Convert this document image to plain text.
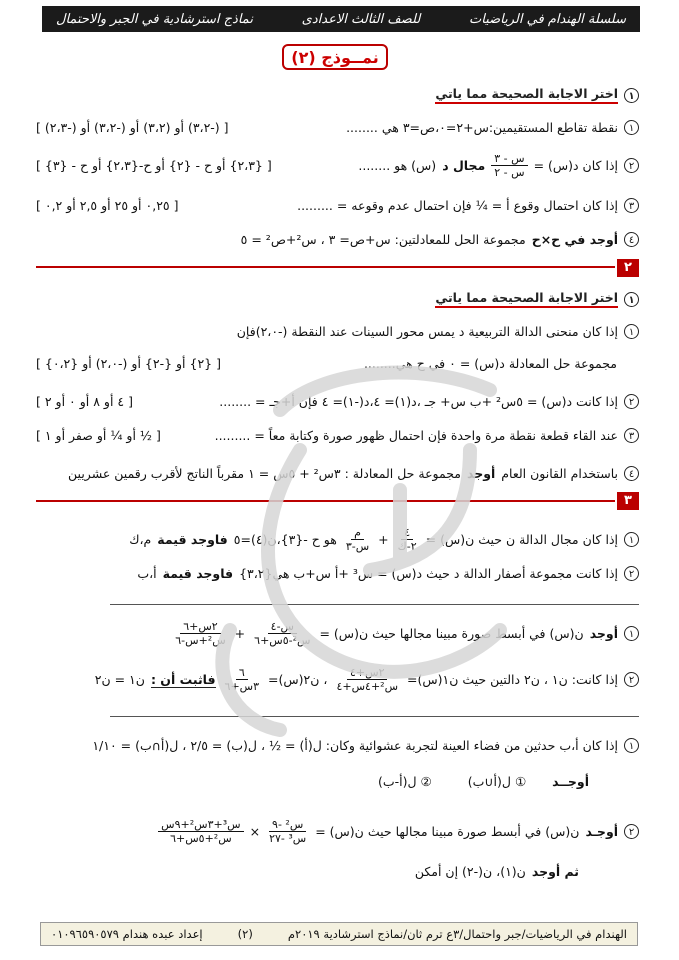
سلسلة الهندام في الرياضيات
للصف الثالث الاعدادى
نماذج استرشادية في الجبر والاحتمال
نمــوذج (٢)
١
اختر الاجابة الصحيحة مما ياتي
١
نقطة تقاطع المستقيمين:س+٢=٠،ص=٣ هي ........
[ (-٣،٢) أو (٣،٢) أو (-٣،٢) أو (-٢،٣) ]
٢
إذا كان د(س) =
$\frac{\text{س - ٣}}{\text{س - ٢}}$
مجال د
(س) هو ........
[ {٢،٣} أو ح - {٢} أو ح-{٢،٣} أو ح - {٣} ]
٣
إذا كان احتمال وقوع أ = ¼ فإن احتمال عدم وقوعه = .........
[ ٠,٢٥ أو ٢٥ أو ٢,٥ أو ٠,٢ ]
٤
أوجد في ح×ح
مجموعة الحل للمعادلتين: س+ص= ٣ ، س²+ص² = ٥
٢
١
اختر الاجابة الصحيحة مما ياتي
١
إذا كان منحنى الدالة التربيعية د يمس محور السينات عند النقطة (-٢،٠)فإن
مجموعة حل المعادلة د(س) = ٠ في ح هي........
[ {٢} أو {-٢} أو (-٢،٠) أو {٠،٢} ]
٢
إذا كانت د(س) = ٥س² +ب س+ جـ ،د(١)= ٤،د(-١)= ٤ فإن أ+جـ = ........
[ ٤ أو ٨ أو ٠ أو ٢ ]
٣
عند القاء قطعة نقطة مرة واحدة فإن احتمال ظهور صورة وكتابة معاً = .........
[ ½ أو ¼ أو صفر أو ١ ]
٤
باستخدام القانون العام
أوجد
مجموعة حل المعادلة : ٣س² + ٥س = ١ مقرباً الناتج لأقرب رقمين عشريين
٣
١
إذا كان مجال الدالة ن حيث ن(س) =
$\frac{٤}{\text{٢-ك}}$
+
$\frac{\text{م}}{\text{س-٣}}$
هو ح -{٣}،ن(٤)=٥
فاوجد قيمة
م،ك
٢
إذا كانت مجموعة أصفار الدالة د حيث د(س) = س³ +أ س+ب هي{٣،٢}
فاوجد قيمة
أ،ب
١
أوجد
ن(س) في أبسط صورة مبينا مجالها حيث ن(س) =
$\frac{\text{س-٤}}{\text{س²-٥س+٦}}$
+
$\frac{\text{٢س+٦}}{\text{س²+س-٦}}$
٢
إذا كانت: ن١ ، ن٢ دالتين حيث ن١(س)=
$\frac{\text{٢س+٤}}{\text{س²+٤س+٤}}$
، ن٢(س)=
$\frac{٦}{\text{٣س+٦}}$
فاثبت أن :
ن١ = ن٢
١
إذا كان أ،ب حدثين من فضاء العينة لتجربة عشوائية وكان: ل(أ) = ½ ، ل(ب) = ٢/٥ ، ل(أ∩ب) = ١/١٠
أوجــد
① ل(أ∪ب)
② ل(أ-ب)
٢
أوجـد
ن(س) في أبسط صورة مبينا مجالها حيث ن(س) =
$\frac{\text{س² -٩}}{\text{س³ -٢٧}}$
×
$\frac{\text{س³+٣س²+٩س}}{\text{س²+٥س+٦}}$
ثم أوجد
ن(١)، ن(-٢) إن أمكن
الهندام في الرياضيات/جبر واحتمال/٣ع ترم ثان/نماذج استرشادية ٢٠١٩م
(٢)
إعداد عبده هندام ٠١٠٩٦٥٩٠٥٧٩
